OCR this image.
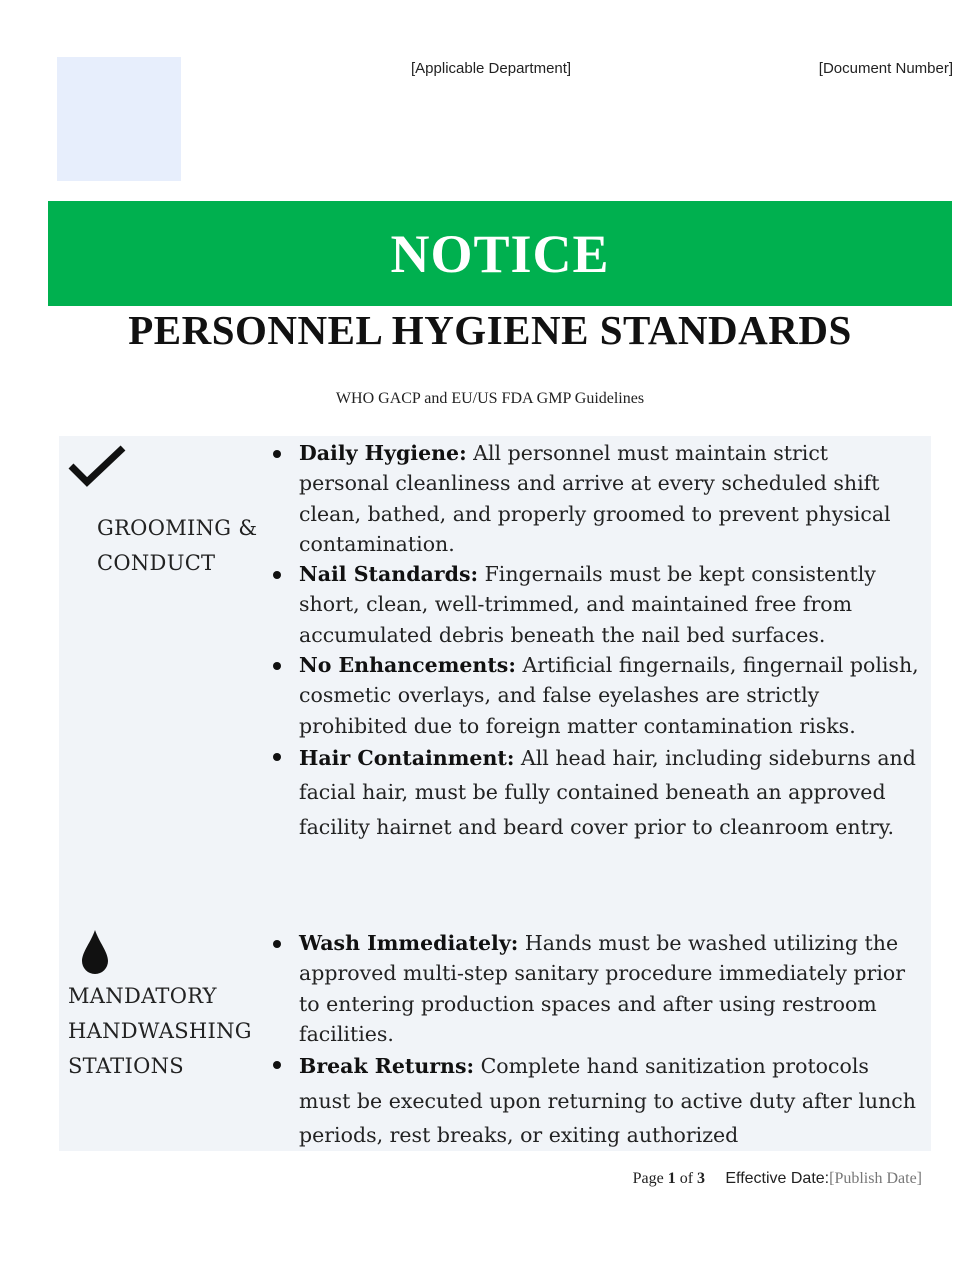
[Applicable Department]	[Document Number]
NOTICE
PERSONNEL HYGIENE STANDARDS
WHO GACP and EU/US FDA GMP Guidelines
GROOMING &
CONDUCT
Daily Hygiene: All personnel must maintain strict personal cleanliness and arrive at every scheduled shift clean, bathed, and properly groomed to prevent physical contamination.
Nail Standards: Fingernails must be kept consistently short, clean, well-trimmed, and maintained free from accumulated debris beneath the nail bed surfaces.
No Enhancements: Artificial fingernails, fingernail polish, cosmetic overlays, and false eyelashes are strictly prohibited due to foreign matter contamination risks.
Hair Containment: All head hair, including sideburns and facial hair, must be fully contained beneath an approved facility hairnet and beard cover prior to cleanroom entry.
MANDATORY
HANDWASHING
STATIONS
Wash Immediately: Hands must be washed utilizing the approved multi-step sanitary procedure immediately prior to entering production spaces and after using restroom facilities.
Break Returns: Complete hand sanitization protocols must be executed upon returning to active duty after lunch periods, rest breaks, or exiting authorized
Page 1 of 3 Effective Date:[Publish Date]
